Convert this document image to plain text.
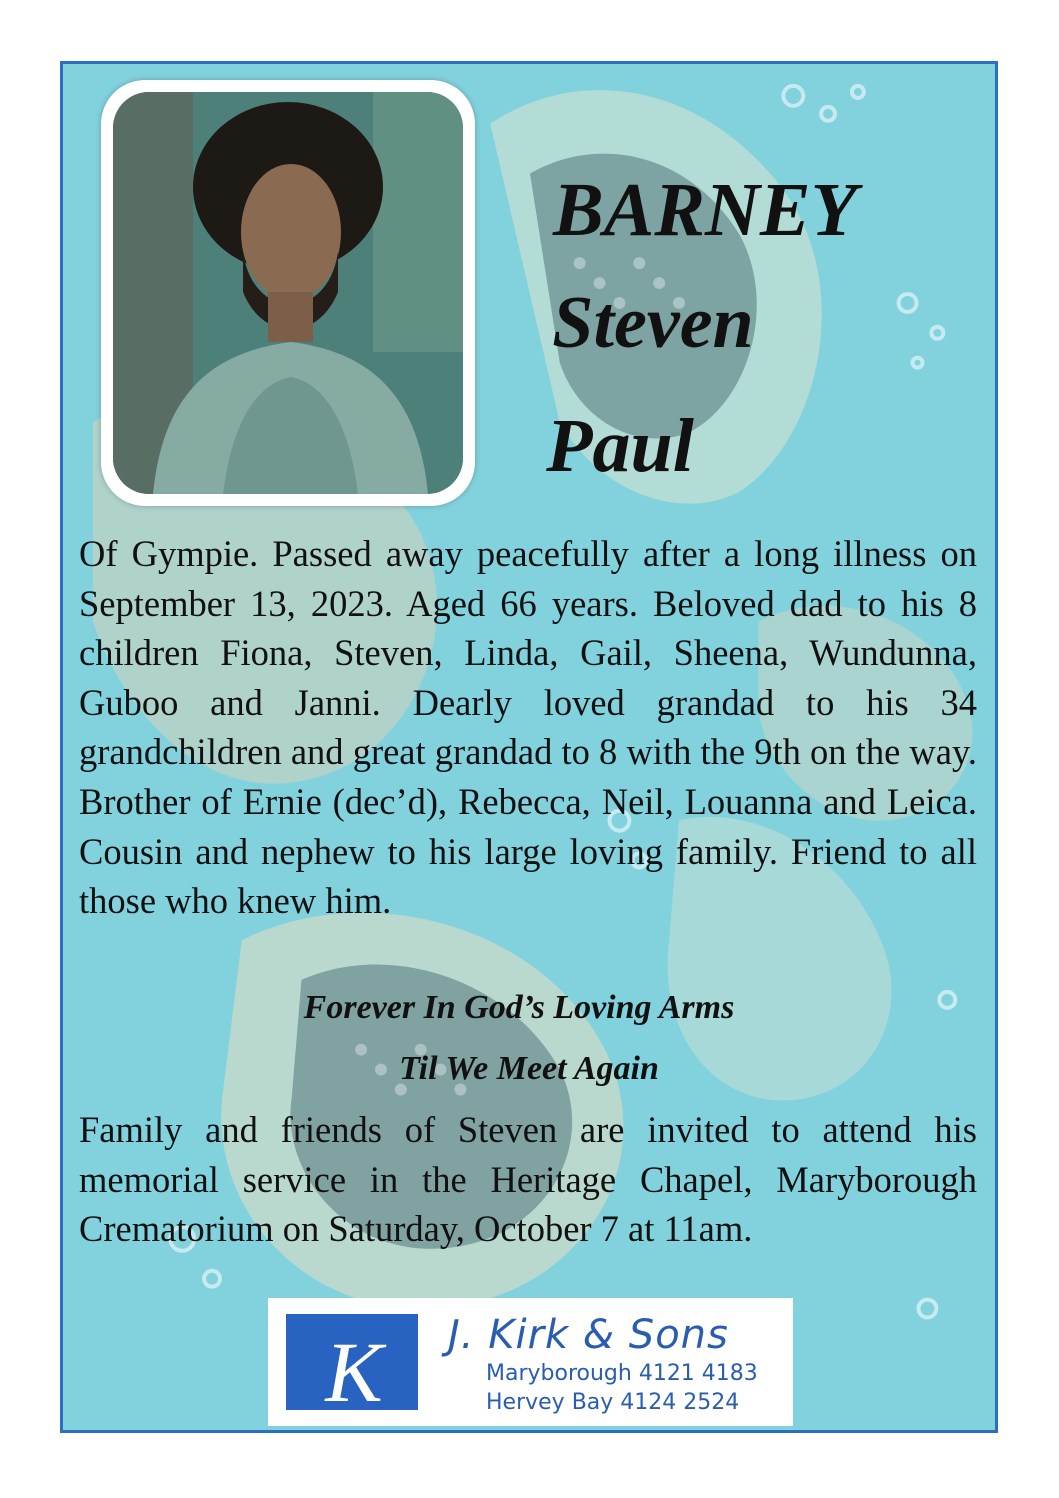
BARNEY
Steven
Paul
Of Gympie. Passed away peacefully after a long illness on September 13, 2023. Aged 66 years. Beloved dad to his 8 children Fiona, Steven, Linda, Gail, Sheena, Wundunna, Guboo and Janni. Dearly loved grandad to his 34 grandchildren and great grandad to 8 with the 9th on the way. Brother of Ernie (dec’d), Rebecca, Neil, Louanna and Leica. Cousin and nephew to his large loving family. Friend to all those who knew him.
Forever In God’s Loving Arms
Til We Meet Again
Family and friends of Steven are invited to attend his memorial service in the Heritage Chapel, Maryborough Crematorium on Saturday, October 7 at 11am.
K	J. Kirk & Sons
Maryborough 4121 4183
Hervey Bay 4124 2524
